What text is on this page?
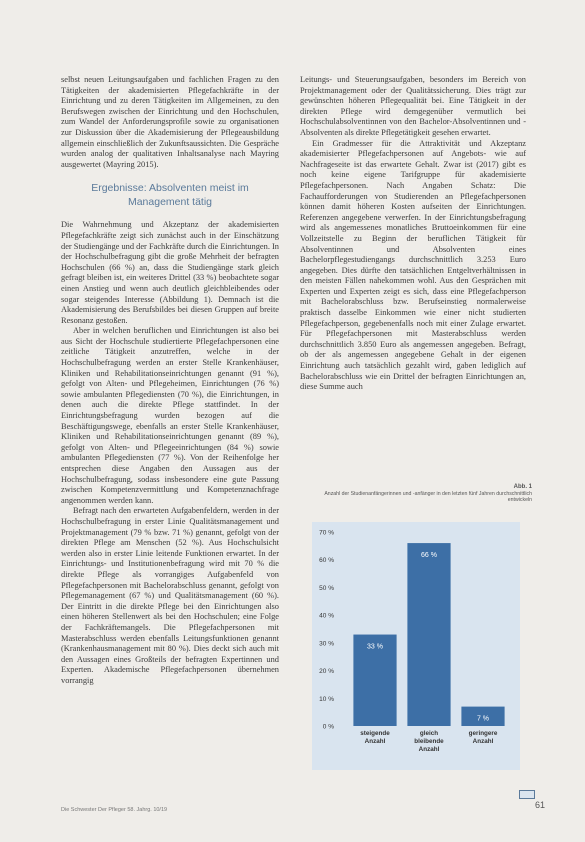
selbst neuen Leitungsaufgaben und fachlichen Fragen zu den Tätigkeiten der akademisierten Pflegefachkräfte in der Einrichtung und zu deren Tätigkeiten im Allgemeinen, zu den Berufswegen zwischen der Einrichtung und den Hochschulen, zum Wandel der Anforderungsprofile sowie zu organisationen zur Diskussion über die Akademisierung der Pflegeausbildung allgemein einschließlich der Zukunftsaussichten. Die Gespräche wurden analog der qualitativen Inhaltsanalyse nach Mayring ausgewertet (Mayring 2015).

Ergebnisse: Absolventen meist im Management tätig

Die Wahrnehmung und Akzeptanz der akademisierten Pflegefachkräfte zeigt sich zunächst auch in der Einschätzung der Studiengänge und der Fachkräfte durch die Einrichtungen. In der Hochschulbefragung gibt die große Mehrheit der befragten Hochschulen (66 %) an, dass die Studiengänge stark gleich gefragt bleiben ist, ein weiteres Drittel (33 %) beobachtete sogar einen Anstieg und wenn auch deutlich gleichbleibendes oder sogar steigendes Interesse (Abbildung 1). Demnach ist die Akademisierung des Berufsbildes bei diesen Gruppen auf breite Resonanz gestoßen.

Aber in welchen beruflichen und Einrichtungen ist also bei aus Sicht der Hochschule studiertierte Pflegefachpersonen eine zeitliche Tätigkeit anzutreffen, welche in der Hochschulbefragung werden an erster Stelle Krankenhäuser, Kliniken und Rehabilitationseinrichtungen genannt (91 %), gefolgt von Alten- und Pflegeheimen, Einrichtungen (76 %) sowie ambulanten Pflegediensten (70 %), die Einrichtungen, in denen auch die direkte Pflege stattfindet. In der Einrichtungsbefragung wurden bezogen auf die Beschäftigungswege, ebenfalls an erster Stelle Krankenhäuser, Kliniken und Rehabilitationseinrichtungen genannt (89 %), gefolgt von Alten- und Pflegeeinrichtungen (84 %) sowie ambulanten Pflegediensten (77 %). Von der Reihenfolge her entsprechen diese Angaben den Aussagen aus der Hochschulbefragung, sodass insbesondere eine gute Passung zwischen Kompetenzvermittlung und Kompetenznachfrage angenommen werden kann.

Befragt nach den erwarteten Aufgabenfeldern, werden in der Hochschulbefragung in erster Linie Qualitätsmanagement und Projektmanagement (79 % bzw. 71 %) genannt, gefolgt von der direkten Pflege am Menschen (52 %). Aus Hochschulsicht werden also in erster Linie leitende Funktionen erwartet. In der Einrichtungs- und Institutionenbefragung wird mit 70 % die direkte Pflege als vorrangiges Aufgabenfeld von Pflegefachpersonen mit Bachelorabschluss genannt, gefolgt von Pflegemanagement (67 %) und Qualitätsmanagement (60 %). Der Eintritt in die direkte Pflege bei den Einrichtungen also einen höheren Stellenwert als bei den Hochschulen; eine Folge der Fachkräftemangels. Die Pflegefachpersonen mit Masterabschluss werden ebenfalls Leitungsfunktionen genannt (Krankenhausmanagement mit 80 %). Dies deckt sich auch mit den Aussagen eines Großteils der befragten Expertinnen und Experten. Akademische Pflegefachpersonen übernehmen vorrangig

Leitungs- und Steuerungsaufgaben, besonders im Bereich von Projektmanagement oder der Qualitätssicherung. Dies trägt zur gewünschten höheren Pflegequalität bei. Eine Tätigkeit in der direkten Pflege wird demgegenüber vermutlich bei Hochschulabsolventinnen von den Bachelor-Absolventinnen und -Absolventen als direkte Pflegetätigkeit gesehen erwartet.

Ein Gradmesser für die Attraktivität und Akzeptanz akademisierter Pflegefachpersonen auf Angebots- wie auf Nachfrageseite ist das erwartete Gehalt. Zwar ist (2017) gibt es noch keine eigene Tarifgruppe für akademisierte Pflegefachpersonen. Nach Angaben Schatz: Die Fachaufforderungen von Studierenden an Pflegefachpersonen können damit höheren Kosten aufseiten der Einrichtungen. Referenzen angegebene verwerfen. In der Einrichtungsbefragung wird als angemessenes monatliches Bruttoeinkommen für eine Vollzeitstelle zu Beginn der beruflichen Tätigkeit für Absolventinnen und Absolventen eines Bachelorpflegestudiengangs durchschnittlich 3.253 Euro angegeben. Dies dürfte den tatsächlichen Entgeltverhältnissen in den meisten Fällen nahekommen wohl. Aus den Gesprächen mit Experten und Experten zeigt es sich, dass eine Pflegefachperson mit Bachelorabschluss bzw. Berufseinstieg normalerweise praktisch dasselbe Einkommen wie einer nicht studierten Pflegefachperson, gegebenenfalls noch mit einer Zulage erwartet. Für Pflegefachpersonen mit Masterabschluss werden durchschnittlich 3.850 Euro als angemessen angegeben. Befragt, ob der als angemessen angegebene Gehalt in der eigenen Einrichtung auch tatsächlich gezahlt wird, gaben lediglich auf Bachelorabschluss wie ein Drittel der befragten Einrichtungen an, diese Summe auch

Abb. 1
Anzahl der Studienanfängerinnen und -anfänger in den letzten fünf Jahren durchschnittlich entwickeln
0 %
10 %
20 %
30 %
40 %
50 %
60 %
70 %
33 %
steigende
Anzahl
66 %
gleich
bleibende
Anzahl
7 %
geringere
Anzahl
Die Schwester Der Pfleger 58. Jahrg. 10/19	61
